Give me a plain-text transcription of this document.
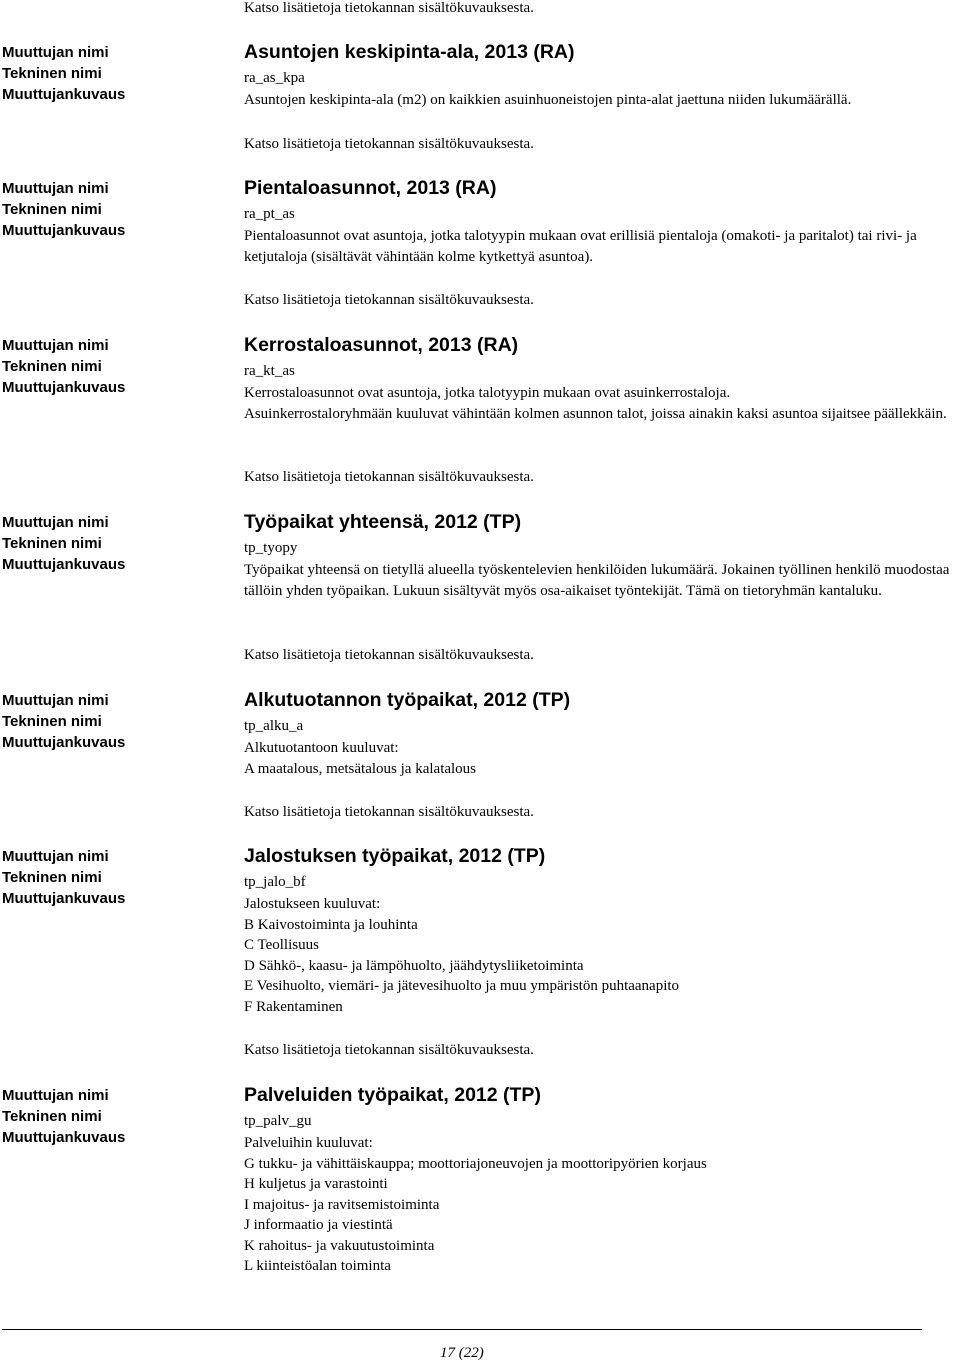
Katso lisätietoja tietokannan sisältökuvauksesta.
Katso lisätietoja tietokannan sisältökuvauksesta.
Katso lisätietoja tietokannan sisältökuvauksesta.
Katso lisätietoja tietokannan sisältökuvauksesta.
Katso lisätietoja tietokannan sisältökuvauksesta.
Katso lisätietoja tietokannan sisältökuvauksesta.
Katso lisätietoja tietokannan sisältökuvauksesta.
Muuttujan nimi
Tekninen nimi
Muuttujankuvaus
Asuntojen keskipinta-ala, 2013 (RA)
ra_as_kpa

Asuntojen keskipinta-ala (m2) on kaikkien asuinhuoneistojen pinta-alat jaettuna niiden lukumäärällä.

Muuttujan nimi
Tekninen nimi
Muuttujankuvaus
Pientaloasunnot, 2013 (RA)
ra_pt_as

Pientaloasunnot ovat asuntoja, jotka talotyypin mukaan ovat erillisiä pientaloja (omakoti- ja paritalot) tai rivi- ja ketjutaloja (sisältävät vähintään kolme kytkettyä asuntoa).

Muuttujan nimi
Tekninen nimi
Muuttujankuvaus
Kerrostaloasunnot, 2013 (RA)
ra_kt_as

Kerrostaloasunnot ovat asuntoja, jotka talotyypin mukaan ovat asuinkerrostaloja.

Asuinkerrostaloryhmään kuuluvat vähintään kolmen asunnon talot, joissa ainakin kaksi asuntoa sijaitsee päällekkäin.

Muuttujan nimi
Tekninen nimi
Muuttujankuvaus
Työpaikat yhteensä, 2012 (TP)
tp_tyopy

Työpaikat yhteensä on tietyllä alueella työskentelevien henkilöiden lukumäärä. Jokainen työllinen henkilö muodostaa tällöin yhden työpaikan. Lukuun sisältyvät myös osa-aikaiset työntekijät. Tämä on tietoryhmän kantaluku.

Muuttujan nimi
Tekninen nimi
Muuttujankuvaus
Alkutuotannon työpaikat, 2012 (TP)
tp_alku_a

Alkutuotantoon kuuluvat:

A maatalous, metsätalous ja kalatalous

Muuttujan nimi
Tekninen nimi
Muuttujankuvaus
Jalostuksen työpaikat, 2012 (TP)
tp_jalo_bf

Jalostukseen kuuluvat:

B Kaivostoiminta ja louhinta

C Teollisuus

D Sähkö-, kaasu- ja lämpöhuolto, jäähdytysliiketoiminta

E Vesihuolto, viemäri- ja jätevesihuolto ja muu ympäristön puhtaanapito

F Rakentaminen

Muuttujan nimi
Tekninen nimi
Muuttujankuvaus
Palveluiden työpaikat, 2012 (TP)
tp_palv_gu

Palveluihin kuuluvat:

G tukku- ja vähittäiskauppa; moottoriajoneuvojen ja moottoripyörien korjaus

H kuljetus ja varastointi

I majoitus- ja ravitsemistoiminta

J informaatio ja viestintä

K rahoitus- ja vakuutustoiminta

L kiinteistöalan toiminta

17 (22)
